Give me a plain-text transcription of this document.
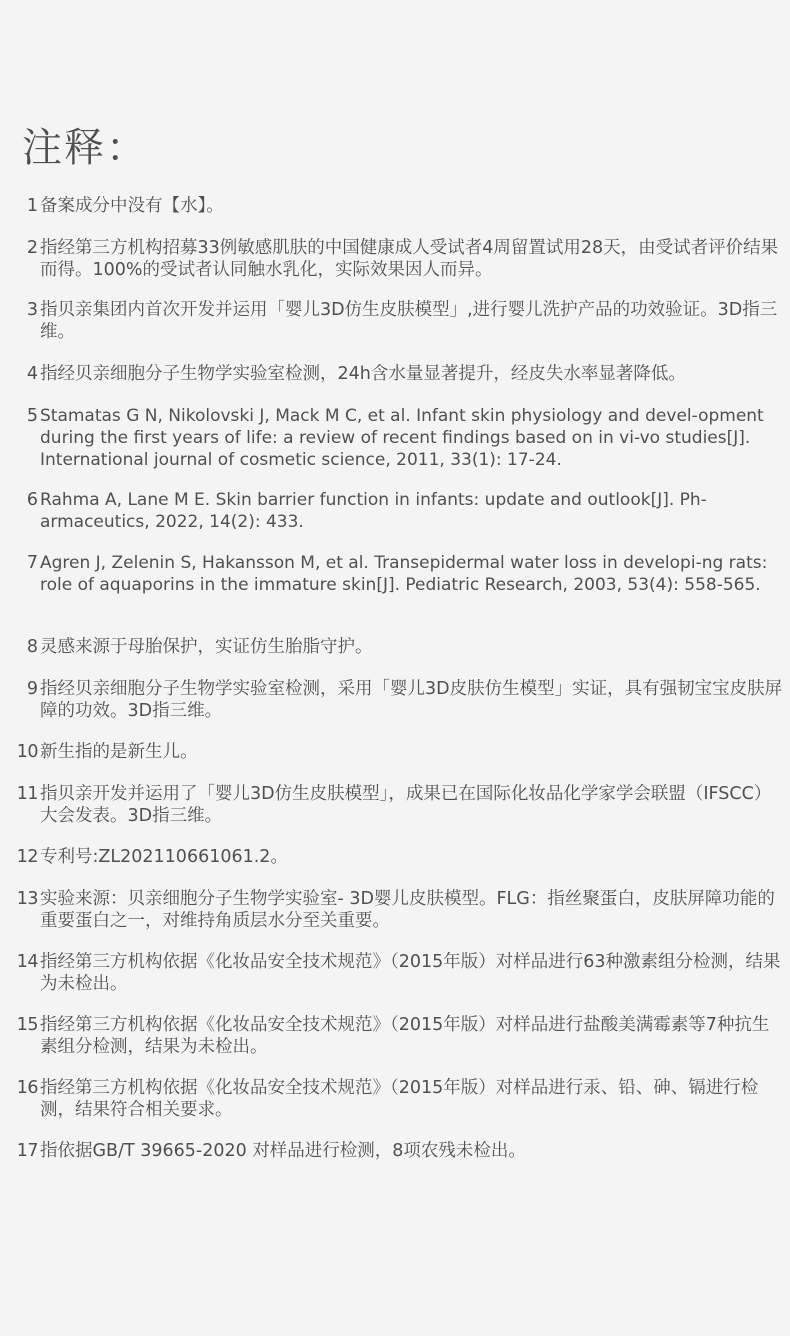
注释：
1 备案成分中没有【水】。
2 指经第三方机构招募33例敏感肌肤的中国健康成人受试者4周留置试用28天，由受试者评价结果而得。100%的受试者认同触水乳化，实际效果因人而异。
3 指贝亲集团内首次开发并运用「婴儿3D仿生皮肤模型」,进行婴儿洗护产品的功效验证。3D指三维。
4 指经贝亲细胞分子生物学实验室检测，24h含水量显著提升，经皮失水率显著降低。
5 Stamatas G N, Nikolovski J, Mack M C, et al. Infant skin physiology and devel-opment during the first years of life: a review of recent findings based on in vi-vo studies[J]. International journal of cosmetic science, 2011, 33(1): 17-24.
6 Rahma A, Lane M E. Skin barrier function in infants: update and outlook[J]. Ph-armaceutics, 2022, 14(2): 433.
7 Agren J, Zelenin S, Hakansson M, et al. Transepidermal water loss in developi-ng rats: role of aquaporins in the immature skin[J]. Pediatric Research, 2003, 53(4): 558-565.
8 灵感来源于母胎保护，实证仿生胎脂守护。
9 指经贝亲细胞分子生物学实验室检测，采用「婴儿3D皮肤仿生模型」实证，具有强韧宝宝皮肤屏障的功效。3D指三维。
10 新生指的是新生儿。
11 指贝亲开发并运用了「婴儿3D仿生皮肤模型」，成果已在国际化妆品化学家学会联盟（IFSCC）大会发表。3D指三维。
12 专利号:ZL202110661061.2。
13 实验来源：贝亲细胞分子生物学实验室- 3D婴儿皮肤模型。FLG：指丝聚蛋白，皮肤屏障功能的重要蛋白之一，对维持角质层水分至关重要。
14 指经第三方机构依据《化妆品安全技术规范》（2015年版）对样品进行63种激素组分检测，结果为未检出。
15 指经第三方机构依据《化妆品安全技术规范》（2015年版）对样品进行盐酸美满霉素等7种抗生素组分检测，结果为未检出。
16 指经第三方机构依据《化妆品安全技术规范》（2015年版）对样品进行汞、铅、砷、镉进行检测，结果符合相关要求。
17 指依据GB/T 39665-2020 对样品进行检测，8项农残未检出。
